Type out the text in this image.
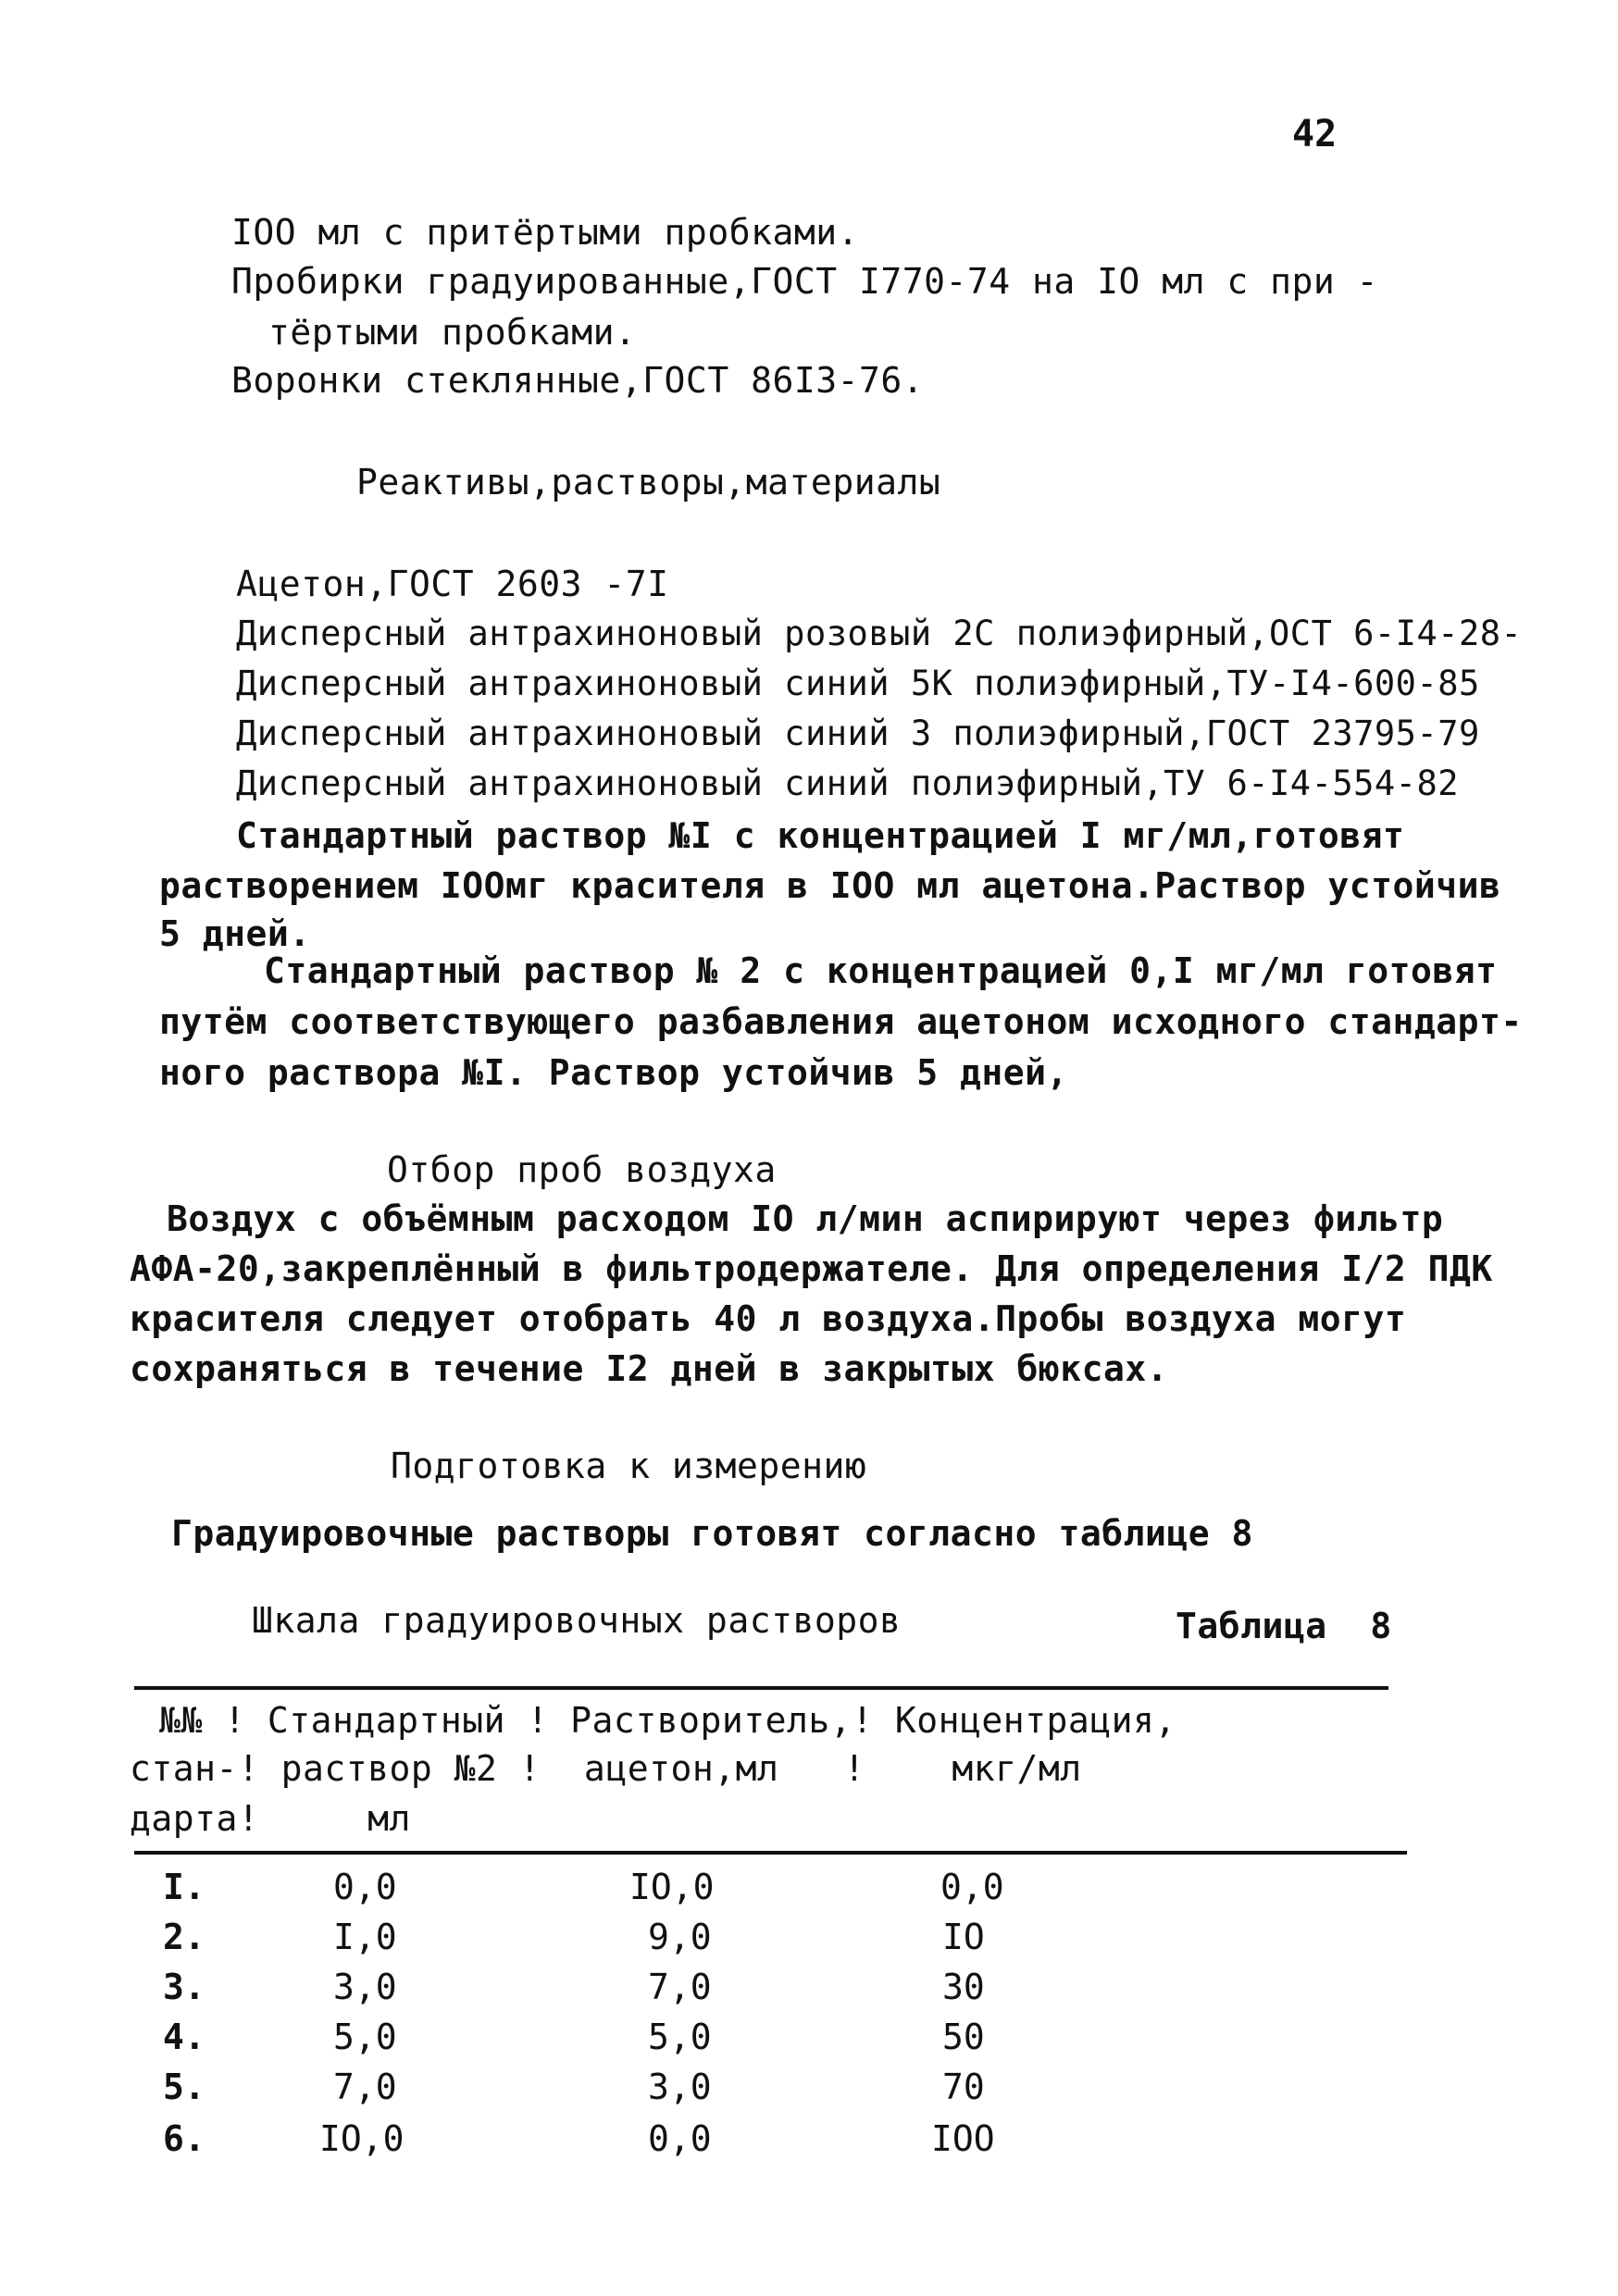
42
IOO мл с притёртыми пробками.
Пробирки градуированные,ГОСТ I770-74 на IO мл с при -
тёртыми пробками.
Воронки стеклянные,ГОСТ 86I3-76.
Реактивы,растворы,материалы
Ацетон,ГОСТ 2603 -7I
Дисперсный антрахиноновый розовый 2С полиэфирный,ОСТ 6-I4-28-
Дисперсный антрахиноновый синий 5К полиэфирный,ТУ-I4-600-85
Дисперсный антрахиноновый синий 3 полиэфирный,ГОСТ 23795-79
Дисперсный антрахиноновый синий полиэфирный,ТУ 6-I4-554-82
Стандартный раствор №I с концентрацией I мг/мл,готовят
растворением IOOмг красителя в IOO мл ацетона.Раствор устойчив
5 дней.
Стандартный раствор № 2 с концентрацией 0,I мг/мл готовят
путём соответствующего разбавления ацетоном исходного стандарт-
ного раствора №I. Раствор устойчив 5 дней,
Отбор проб воздуха
Воздух с объёмным расходом IO л/мин аспирируют через фильтр
АФА-20,закреплённый в фильтродержателе. Для определения I/2 ПДК
красителя следует отобрать 40 л воздуха.Пробы воздуха могут
сохраняться в течение I2 дней в закрытых бюксах.
Подготовка к измерению
Градуировочные растворы готовят согласно таблице 8
Шкала градуировочных растворов	Таблица  8
№№ ! Стандартный ! Растворитель,! Концентрация,
стан-! раствор №2 !  ацетон,мл   !    мкг/мл
дарта!     мл
I.	0,0	IO,0	0,0
2.	I,0	9,0	IO
3.	3,0	7,0	30
4.	5,0	5,0	50
5.	7,0	3,0	70
6.	IO,0	0,0	IOO
